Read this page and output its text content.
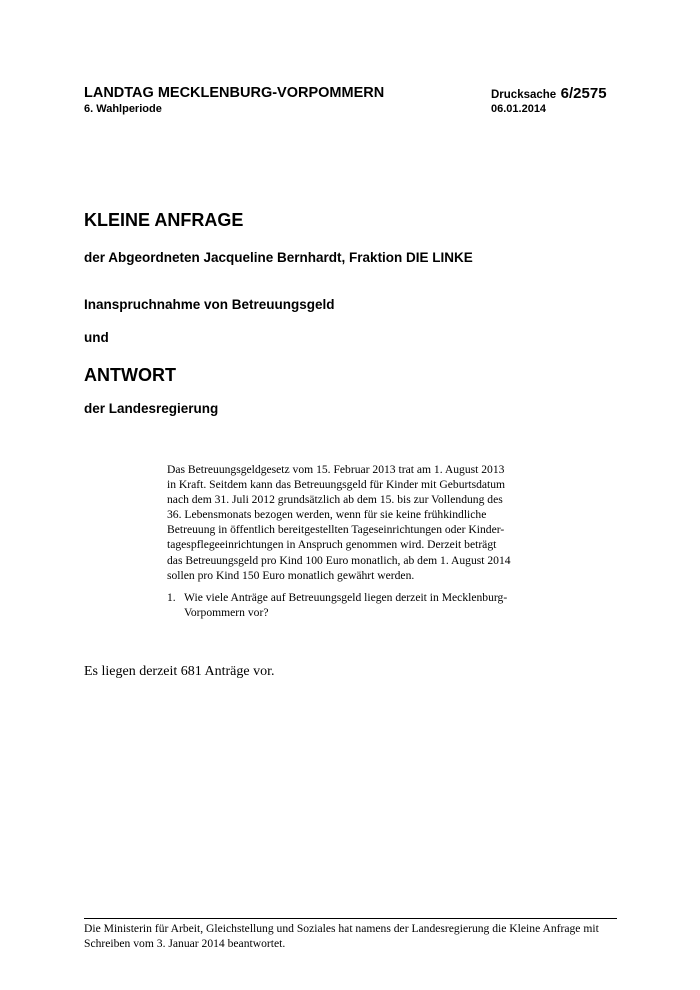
LANDTAG MECKLENBURG-VORPOMMERN
6. Wahlperiode
Drucksache 6/2575
06.01.2014
KLEINE ANFRAGE
der Abgeordneten Jacqueline Bernhardt, Fraktion DIE LINKE
Inanspruchnahme von Betreuungsgeld
und
ANTWORT
der Landesregierung

Das Betreuungsgeldgesetz vom 15. Februar 2013 trat am 1. August 2013

in Kraft. Seitdem kann das Betreuungsgeld für Kinder mit Geburtsdatum

nach dem 31. Juli 2012 grundsätzlich ab dem 15. bis zur Vollendung des

36. Lebensmonats bezogen werden, wenn für sie keine frühkindliche

Betreuung in öffentlich bereitgestellten Tageseinrichtungen oder Kinder-

tagespflegeeinrichtungen in Anspruch genommen wird. Derzeit beträgt

das Betreuungsgeld pro Kind 100 Euro monatlich, ab dem 1. August 2014

sollen pro Kind 150 Euro monatlich gewährt werden.

1. Wie viele Anträge auf Betreuungsgeld liegen derzeit in Mecklenburg-
Vorpommern vor?
Es liegen derzeit 681 Anträge vor.
Die Ministerin für Arbeit, Gleichstellung und Soziales hat namens der Landesregierung die Kleine Anfrage mit
Schreiben vom 3. Januar 2014 beantwortet.
